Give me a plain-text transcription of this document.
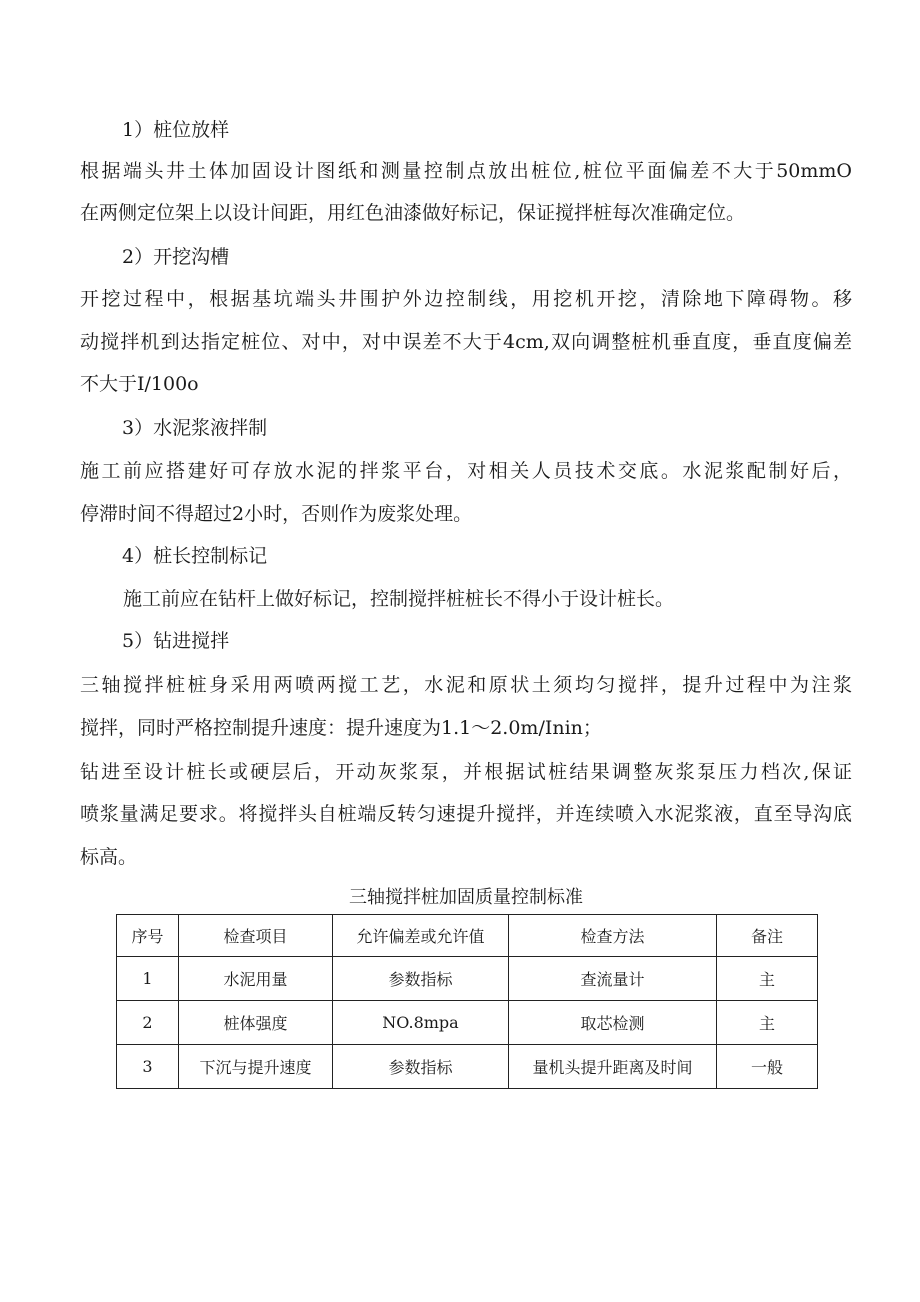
1）桩位放样

根据端头井土体加固设计图纸和测量控制点放出桩位,桩位平面偏差不大于50mmO

在两侧定位架上以设计间距，用红色油漆做好标记，保证搅拌桩每次准确定位。

2）开挖沟槽

开挖过程中，根据基坑端头井围护外边控制线，用挖机开挖，清除地下障碍物。移

动搅拌机到达指定桩位、对中，对中误差不大于4cm,双向调整桩机垂直度，垂直度偏差

不大于I/100o

3）水泥浆液拌制

施工前应搭建好可存放水泥的拌浆平台，对相关人员技术交底。水泥浆配制好后，

停滞时间不得超过2小时，否则作为废浆处理。

4）桩长控制标记

施工前应在钻杆上做好标记，控制搅拌桩桩长不得小于设计桩长。

5）钻进搅拌

三轴搅拌桩桩身采用两喷两搅工艺，水泥和原状土须均匀搅拌，提升过程中为注浆

搅拌，同时严格控制提升速度：提升速度为1.1～2.0m/Inin；

钻进至设计桩长或硬层后，开动灰浆泵，并根据试桩结果调整灰浆泵压力档次,保证

喷浆量满足要求。将搅拌头自桩端反转匀速提升搅拌，并连续喷入水泥浆液，直至导沟底

标高。

三轴搅拌桩加固质量控制标准

序号	检查项目	允许偏差或允许值	检查方法	备注
1	水泥用量	参数指标	查流量计	主
2	桩体强度	NO.8mpa	取芯检测	主
3	下沉与提升速度	参数指标	量机头提升距离及时间	一般
